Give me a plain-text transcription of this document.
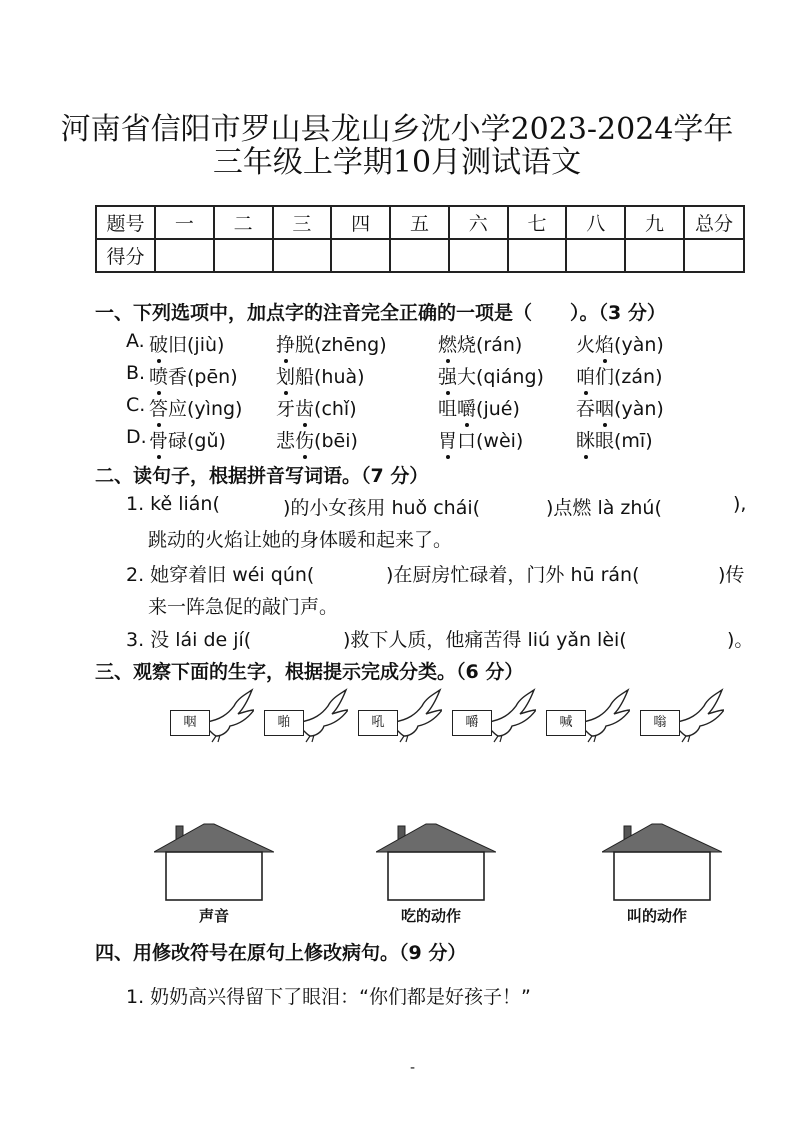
河南省信阳市罗山县龙山乡沈小学2023-2024学年
三年级上学期10月测试语文
题号	一	二	三	四	五	六	七	八	九	总分
得分										
一、下列选项中，加点字的注音完全正确的一项是（　　）。（3 分）
A. 破旧(jiù)	挣脱(zhēng)	燃烧(rán)	火焰(yàn)
B. 喷香(pēn) 划船(huà)	强大(qiáng) 咱们(zán)
C. 答应(yìng) 牙齿(chǐ)	咀嚼(jué)	吞咽(yàn)
D. 骨碌(gǔ)	悲伤(bēi)	胃口(wèi)	眯眼(mī)
二、读句子，根据拼音写词语。（7 分）
1. kě lián(	)的小女孩用 huǒ chái(	)点燃 là zhú(	),
跳动的火焰让她的身体暖和起来了。
2. 她穿着旧 wéi qún(	)在厨房忙碌着，门外 hū rán(	)传
来一阵急促的敲门声。
3. 没 lái de jí(	)救下人质，他痛苦得 liú yǎn lèi(	)。
三、观察下面的生字，根据提示完成分类。（6 分）
咽	啪	吼	嚼	喊	嗡
声音	吃的动作	叫的动作
四、用修改符号在原句上修改病句。（9 分）
1. 奶奶高兴得留下了眼泪：“你们都是好孩子！”
-
